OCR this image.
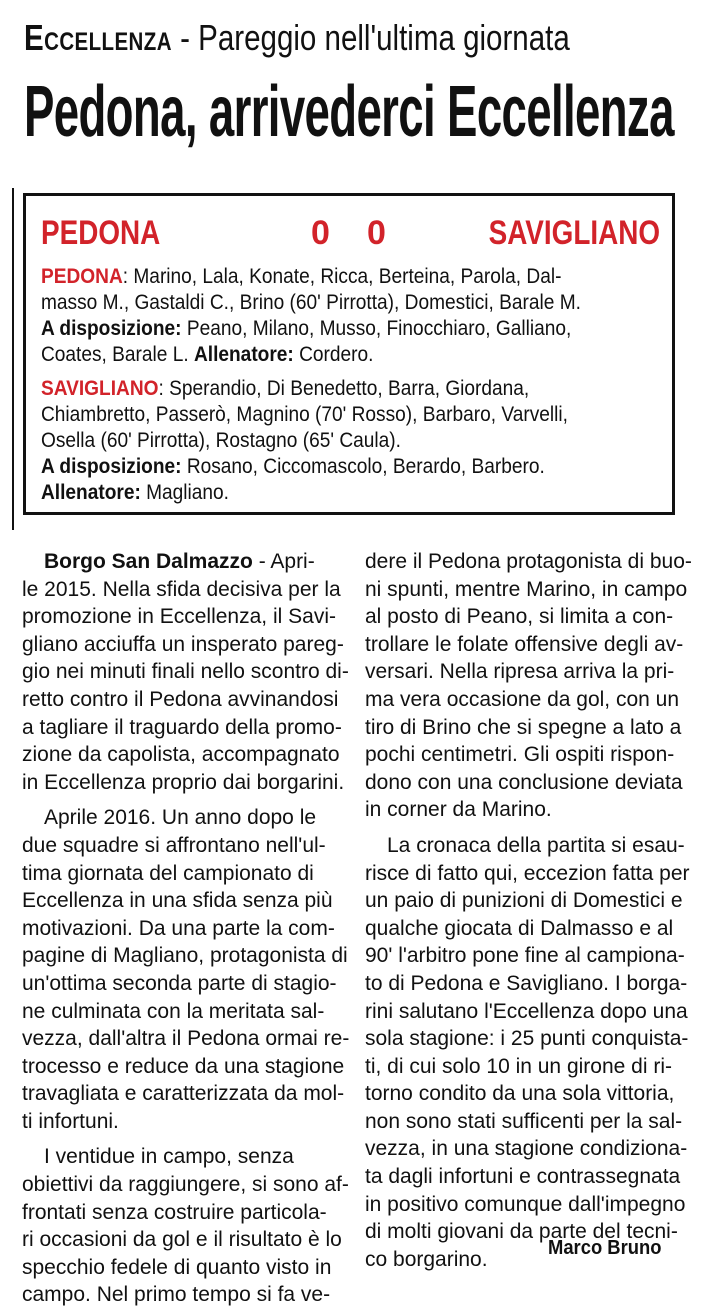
Eccellenza - Pareggio nell'ultima giornata
Pedona, arrivederci Eccellenza
PEDONA	0 0	SAVIGLIANO

PEDONA: Marino, Lala, Konate, Ricca, Berteina, Parola, Dal-

masso M., Gastaldi C., Brino (60' Pirrotta), Domestici, Barale M.

A disposizione: Peano, Milano, Musso, Finocchiaro, Galliano,

Coates, Barale L. Allenatore: Cordero.

SAVIGLIANO: Sperandio, Di Benedetto, Barra, Giordana,

Chiambretto, Passerò, Magnino (70' Rosso), Barbaro, Varvelli,

Osella (60' Pirrotta), Rostagno (65' Caula).

A disposizione: Rosano, Ciccomascolo, Berardo, Barbero.

Allenatore: Magliano.

Borgo San Dalmazzo - Apri-

le 2015. Nella sfida decisiva per la

promozione in Eccellenza, il Savi-

gliano acciuffa un insperato pareg-

gio nei minuti finali nello scontro di-

retto contro il Pedona avvinandosi

a tagliare il traguardo della promo-

zione da capolista, accompagnato

in Eccellenza proprio dai borgarini.

Aprile 2016. Un anno dopo le

due squadre si affrontano nell'ul-

tima giornata del campionato di

Eccellenza in una sfida senza più

motivazioni. Da una parte la com-

pagine di Magliano, protagonista di

un'ottima seconda parte di stagio-

ne culminata con la meritata sal-

vezza, dall'altra il Pedona ormai re-

trocesso e reduce da una stagione

travagliata e caratterizzata da mol-

ti infortuni.

I ventidue in campo, senza

obiettivi da raggiungere, si sono af-

frontati senza costruire particola-

ri occasioni da gol e il risultato è lo

specchio fedele di quanto visto in

campo. Nel primo tempo si fa ve-

dere il Pedona protagonista di buo-

ni spunti, mentre Marino, in campo

al posto di Peano, si limita a con-

trollare le folate offensive degli av-

versari. Nella ripresa arriva la pri-

ma vera occasione da gol, con un

tiro di Brino che si spegne a lato a

pochi centimetri. Gli ospiti rispon-

dono con una conclusione deviata

in corner da Marino.

La cronaca della partita si esau-

risce di fatto qui, eccezion fatta per

un paio di punizioni di Domestici e

qualche giocata di Dalmasso e al

90' l'arbitro pone fine al campiona-

to di Pedona e Savigliano. I borga-

rini salutano l'Eccellenza dopo una

sola stagione: i 25 punti conquista-

ti, di cui solo 10 in un girone di ri-

torno condito da una sola vittoria,

non sono stati sufficenti per la sal-

vezza, in una stagione condiziona-

ta dagli infortuni e contrassegnata

in positivo comunque dall'impegno

di molti giovani da parte del tecni-

co borgarino.	Marco Bruno
